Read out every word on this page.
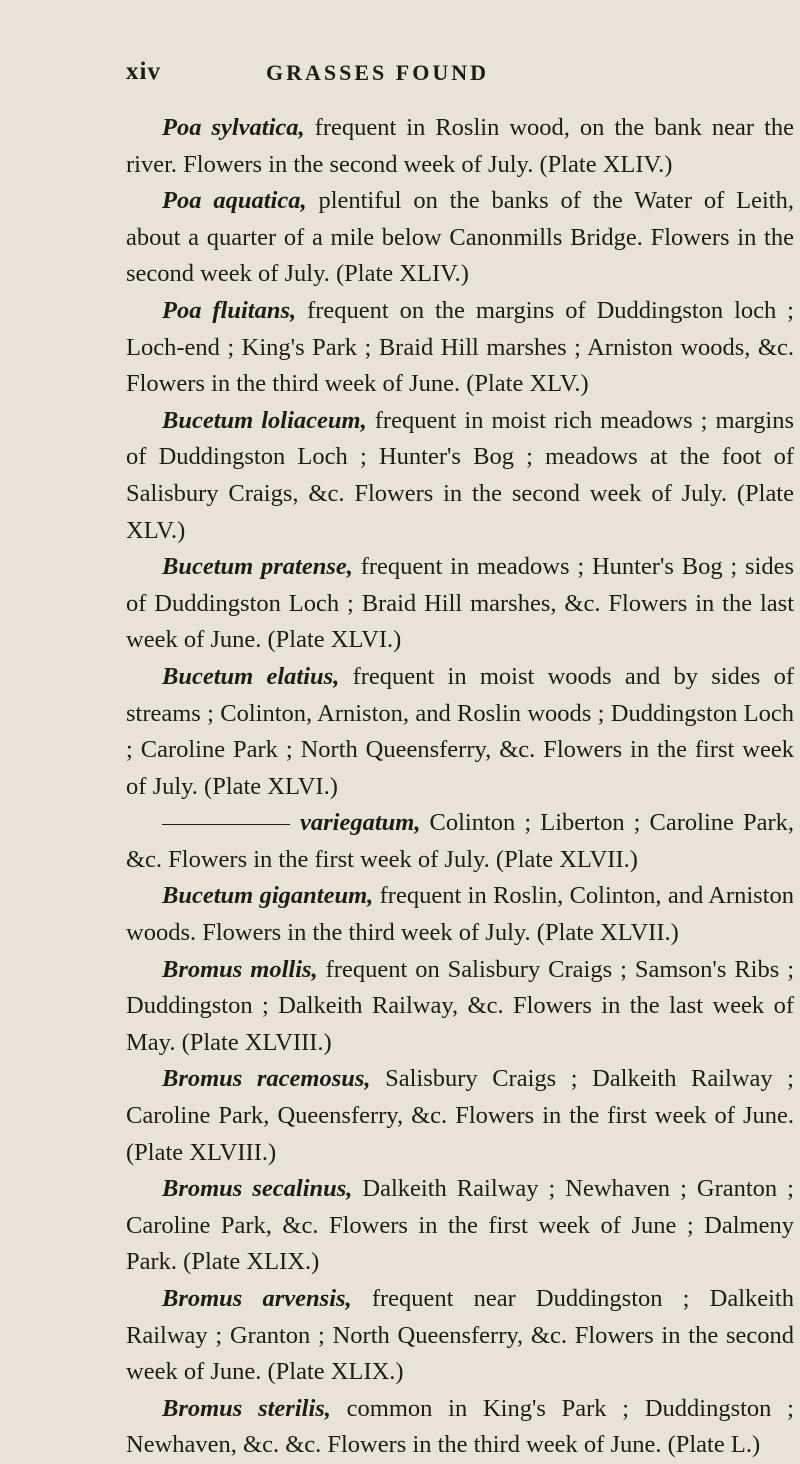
xiv	GRASSES FOUND

Poa sylvatica, frequent in Roslin wood, on the bank near the river. Flowers in the second week of July. (Plate XLIV.)

Poa aquatica, plentiful on the banks of the Water of Leith, about a quarter of a mile below Canonmills Bridge. Flowers in the second week of July. (Plate XLIV.)

Poa fluitans, frequent on the margins of Duddingston loch ; Loch-end ; King's Park ; Braid Hill marshes ; Arniston woods, &c. Flowers in the third week of June. (Plate XLV.)

Bucetum loliaceum, frequent in moist rich meadows ; margins of Duddingston Loch ; Hunter's Bog ; meadows at the foot of Salisbury Craigs, &c. Flowers in the second week of July. (Plate XLV.)

Bucetum pratense, frequent in meadows ; Hunter's Bog ; sides of Duddingston Loch ; Braid Hill marshes, &c. Flowers in the last week of June. (Plate XLVI.)

Bucetum elatius, frequent in moist woods and by sides of streams ; Colinton, Arniston, and Roslin woods ; Duddingston Loch ; Caroline Park ; North Queensferry, &c. Flowers in the first week of July. (Plate XLVI.)

variegatum, Colinton ; Liberton ; Caroline Park, &c. Flowers in the first week of July. (Plate XLVII.)

Bucetum giganteum, frequent in Roslin, Colinton, and Arniston woods. Flowers in the third week of July. (Plate XLVII.)

Bromus mollis, frequent on Salisbury Craigs ; Samson's Ribs ; Duddingston ; Dalkeith Railway, &c. Flowers in the last week of May. (Plate XLVIII.)

Bromus racemosus, Salisbury Craigs ; Dalkeith Railway ; Caroline Park, Queensferry, &c. Flowers in the first week of June. (Plate XLVIII.)

Bromus secalinus, Dalkeith Railway ; Newhaven ; Granton ; Caroline Park, &c. Flowers in the first week of June ; Dalmeny Park. (Plate XLIX.)

Bromus arvensis, frequent near Duddingston ; Dalkeith Railway ; Granton ; North Queensferry, &c. Flowers in the second week of June. (Plate XLIX.)

Bromus sterilis, common in King's Park ; Duddingston ; Newhaven, &c. &c. Flowers in the third week of June. (Plate L.)
